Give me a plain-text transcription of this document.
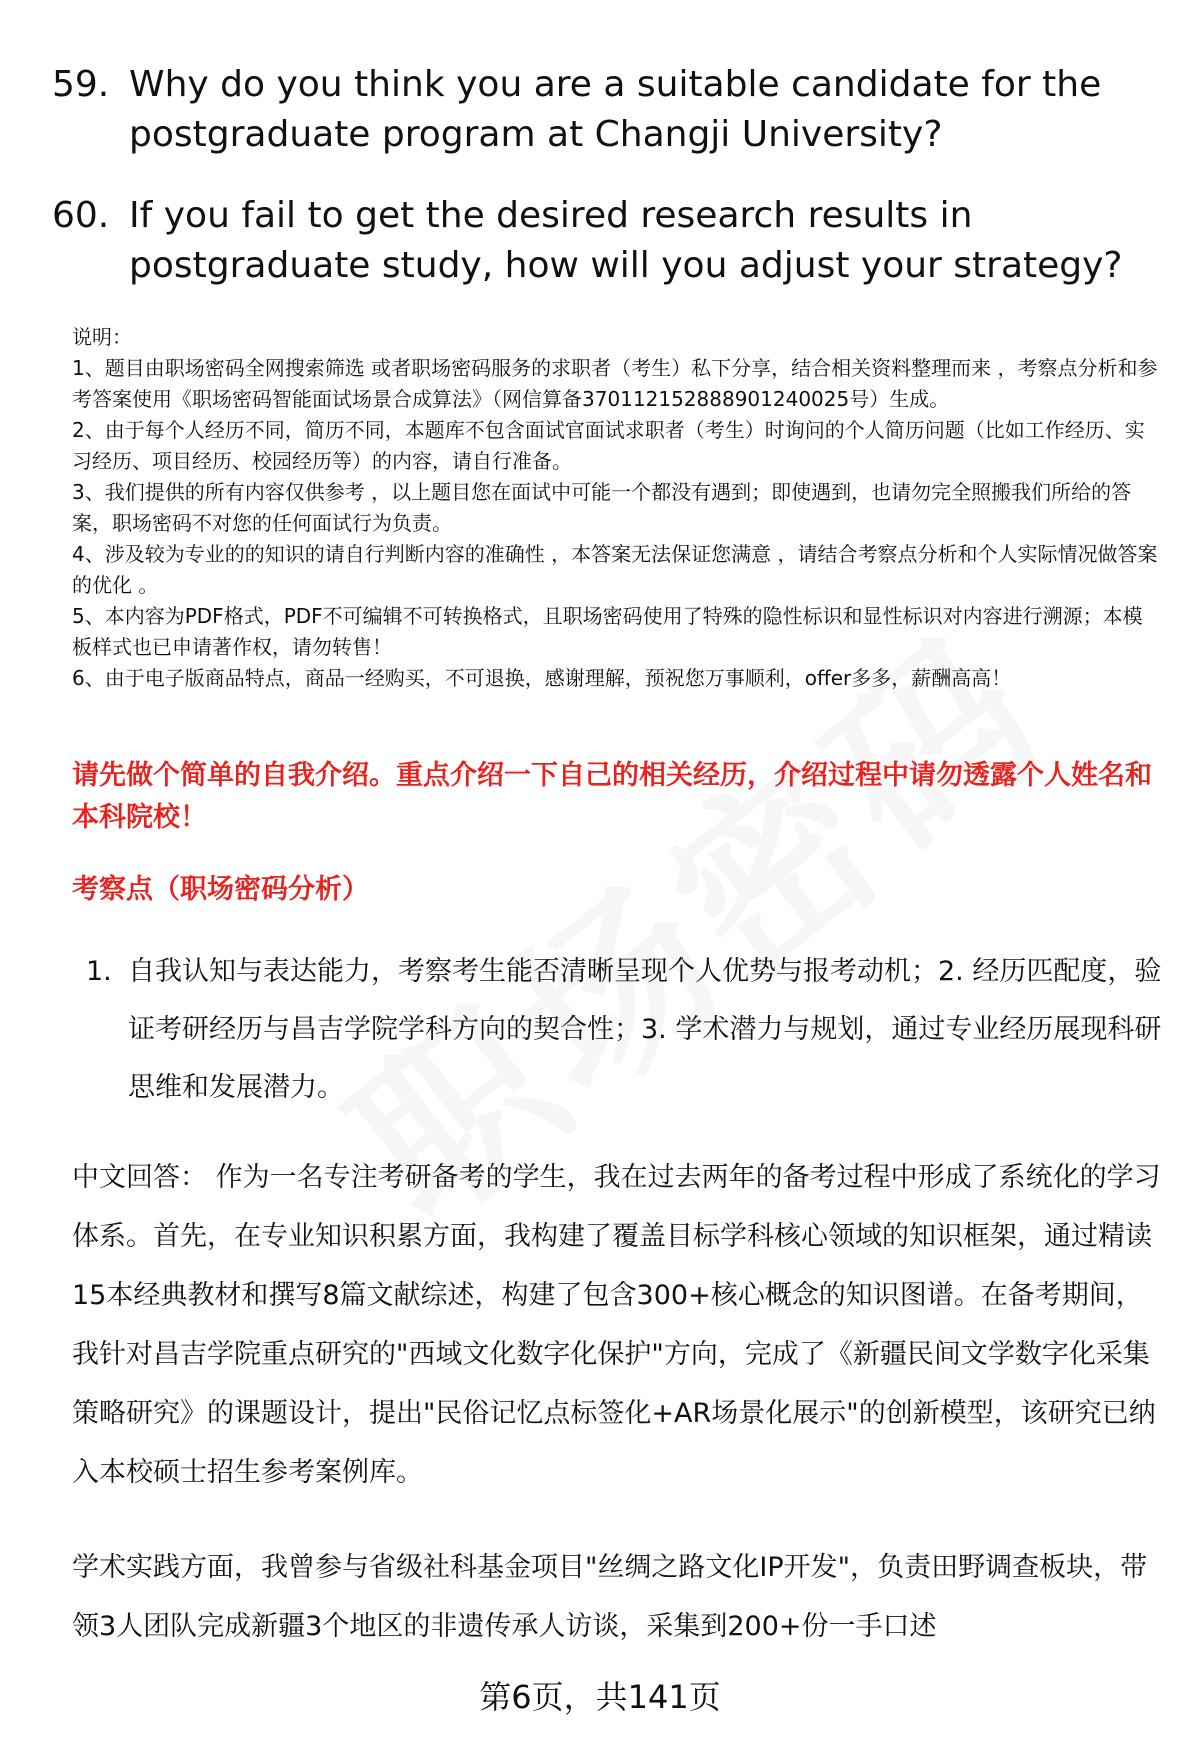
59. Why do you think you are a suitable candidate for the postgraduate program at Changji University?
60. If you fail to get the desired research results in postgraduate study, how will you adjust your strategy?

说明：

1、题目由职场密码全网搜索筛选 或者职场密码服务的求职者（考生）私下分享，结合相关资料整理而来 ，考察点分析和参考答案使用《职场密码智能面试场景合成算法》（网信算备370112152888901240025号）生成。

2、由于每个人经历不同，简历不同，本题库不包含面试官面试求职者（考生）时询问的个人简历问题（比如工作经历、实习经历、项目经历、校园经历等）的内容，请自行准备。

3、我们提供的所有内容仅供参考 ，以上题目您在面试中可能一个都没有遇到；即使遇到，也请勿完全照搬我们所给的答案，职场密码不对您的任何面试行为负责。

4、涉及较为专业的的知识的请自行判断内容的准确性 ，本答案无法保证您满意 ，请结合考察点分析和个人实际情况做答案的优化 。

5、本内容为PDF格式，PDF不可编辑不可转换格式，且职场密码使用了特殊的隐性标识和显性标识对内容进行溯源；本模板样式也已申请著作权，请勿转售！

6、由于电子版商品特点，商品一经购买，不可退换，感谢理解，预祝您万事顺利，offer多多，薪酬高高！

请先做个简单的自我介绍。重点介绍一下自己的相关经历，介绍过程中请勿透露个人姓名和本科院校！
考察点（职场密码分析）
1. 自我认知与表达能力，考察考生能否清晰呈现个人优势与报考动机；2. 经历匹配度，验证考研经历与昌吉学院学科方向的契合性；3. 学术潜力与规划，通过专业经历展现科研思维和发展潜力。
中文回答： 作为一名专注考研备考的学生，我在过去两年的备考过程中形成了系统化的学习体系。首先，在专业知识积累方面，我构建了覆盖目标学科核心领域的知识框架，通过精读15本经典教材和撰写8篇文献综述，构建了包含300+核心概念的知识图谱。在备考期间，我针对昌吉学院重点研究的"西域文化数字化保护"方向，完成了《新疆民间文学数字化采集策略研究》的课题设计，提出"民俗记忆点标签化+AR场景化展示"的创新模型，该研究已纳入本校硕士招生参考案例库。
学术实践方面，我曾参与省级社科基金项目"丝绸之路文化IP开发"，负责田野调查板块，带领3人团队完成新疆3个地区的非遗传承人访谈，采集到200+份一手口述
第6页，共141页
